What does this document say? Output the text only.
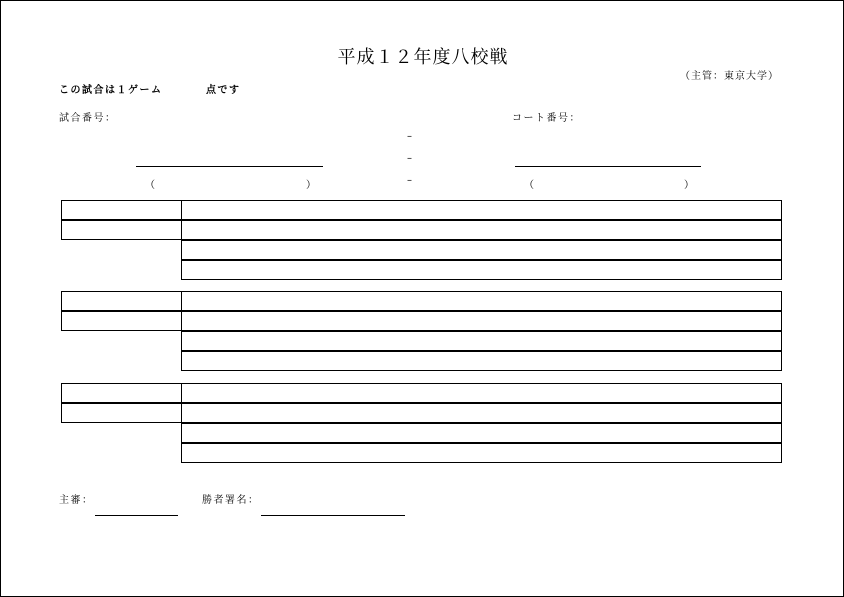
平成１２年度八校戦
（主管：東京大学）
この試合は１ゲーム	点です
試合番号：	コート番号：
–
–
–
（	）	（	）
主審：	勝者署名：
